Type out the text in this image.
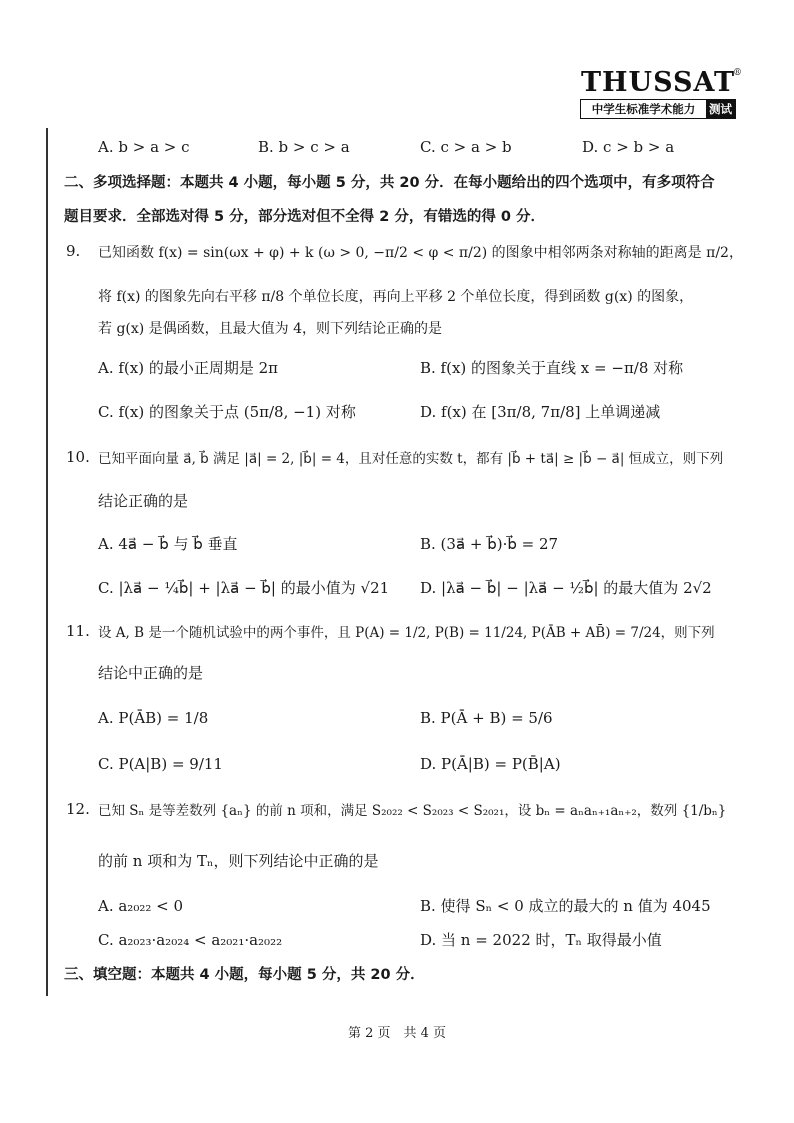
THUSSAT
®
中学生标准学术能力	测试
A. b > a > c	B. b > c > a	C. c > a > b	D. c > b > a
二、多项选择题：本题共 4 小题，每小题 5 分，共 20 分．在每小题给出的四个选项中，有多项符合
题目要求．全部选对得 5 分，部分选对但不全得 2 分，有错选的得 0 分．
9. 已知函数 f(x) = sin(ωx + φ) + k (ω > 0, −π/2 < φ < π/2) 的图象中相邻两条对称轴的距离是 π/2，
将 f(x) 的图象先向右平移 π/8 个单位长度，再向上平移 2 个单位长度，得到函数 g(x) 的图象，
若 g(x) 是偶函数，且最大值为 4，则下列结论正确的是
A. f(x) 的最小正周期是 2π	B. f(x) 的图象关于直线 x = −π/8 对称
C. f(x) 的图象关于点 (5π/8, −1) 对称	D. f(x) 在 [3π/8, 7π/8] 上单调递减
10. 已知平面向量 a⃗, b⃗ 满足 |a⃗| = 2, |b⃗| = 4，且对任意的实数 t，都有 |b⃗ + ta⃗| ≥ |b⃗ − a⃗| 恒成立，则下列
结论正确的是
A. 4a⃗ − b⃗ 与 b⃗ 垂直	B. (3a⃗ + b⃗)·b⃗ = 27
C. |λa⃗ − ¼b⃗| + |λa⃗ − b⃗| 的最小值为 √21 D. |λa⃗ − b⃗| − |λa⃗ − ½b⃗| 的最大值为 2√2
11. 设 A, B 是一个随机试验中的两个事件，且 P(A) = 1/2, P(B) = 11/24, P(ĀB + AB̄) = 7/24，则下列
结论中正确的是
A. P(ĀB) = 1/8	B. P(Ā + B) = 5/6
C. P(A|B) = 9/11	D. P(Ā|B) = P(B̄|A)
12. 已知 Sₙ 是等差数列 {aₙ} 的前 n 项和，满足 S₂₀₂₂ < S₂₀₂₃ < S₂₀₂₁，设 bₙ = aₙaₙ₊₁aₙ₊₂，数列 {1/bₙ}
的前 n 项和为 Tₙ，则下列结论中正确的是
A. a₂₀₂₂ < 0	B. 使得 Sₙ < 0 成立的最大的 n 值为 4045
C. a₂₀₂₃·a₂₀₂₄ < a₂₀₂₁·a₂₀₂₂	D. 当 n = 2022 时，Tₙ 取得最小值
三、填空题：本题共 4 小题，每小题 5 分，共 20 分．
第 2 页　共 4 页
